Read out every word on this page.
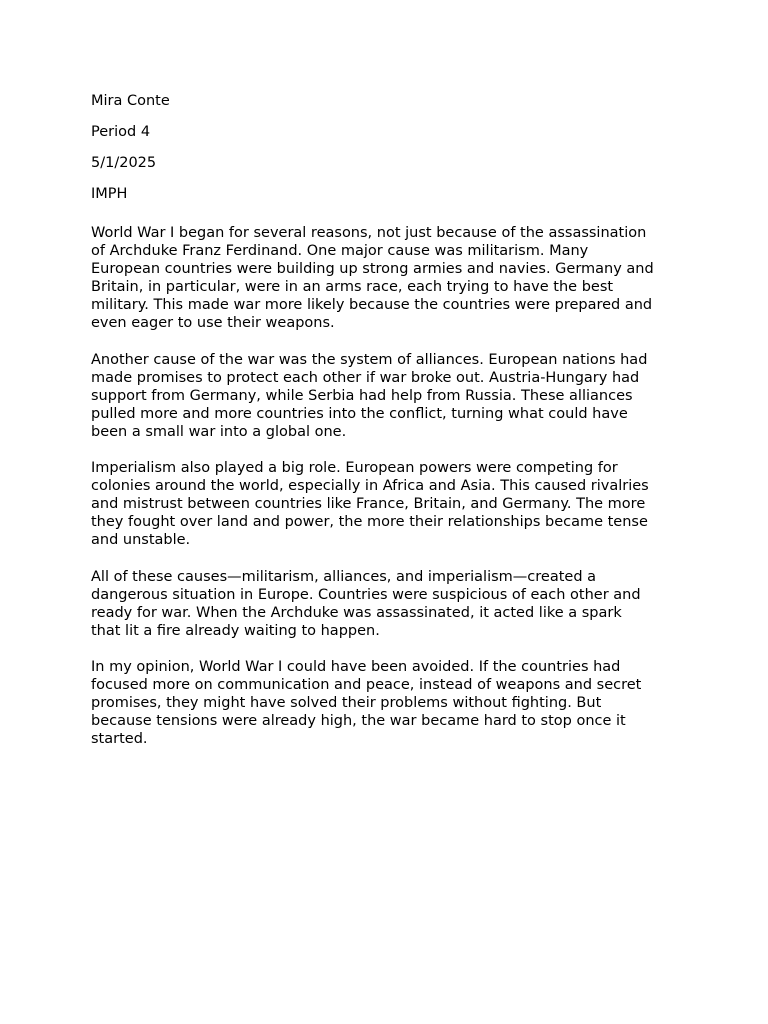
Mira Conte
Period 4
5/1/2025
IMPH

World War I began for several reasons, not just because of the assassination
of Archduke Franz Ferdinand. One major cause was militarism. Many
European countries were building up strong armies and navies. Germany and
Britain, in particular, were in an arms race, each trying to have the best
military. This made war more likely because the countries were prepared and
even eager to use their weapons.

Another cause of the war was the system of alliances. European nations had
made promises to protect each other if war broke out. Austria-Hungary had
support from Germany, while Serbia had help from Russia. These alliances
pulled more and more countries into the conflict, turning what could have
been a small war into a global one.

Imperialism also played a big role. European powers were competing for
colonies around the world, especially in Africa and Asia. This caused rivalries
and mistrust between countries like France, Britain, and Germany. The more
they fought over land and power, the more their relationships became tense
and unstable.

All of these causes—militarism, alliances, and imperialism—created a
dangerous situation in Europe. Countries were suspicious of each other and
ready for war. When the Archduke was assassinated, it acted like a spark
that lit a fire already waiting to happen.

In my opinion, World War I could have been avoided. If the countries had
focused more on communication and peace, instead of weapons and secret
promises, they might have solved their problems without fighting. But
because tensions were already high, the war became hard to stop once it
started.
